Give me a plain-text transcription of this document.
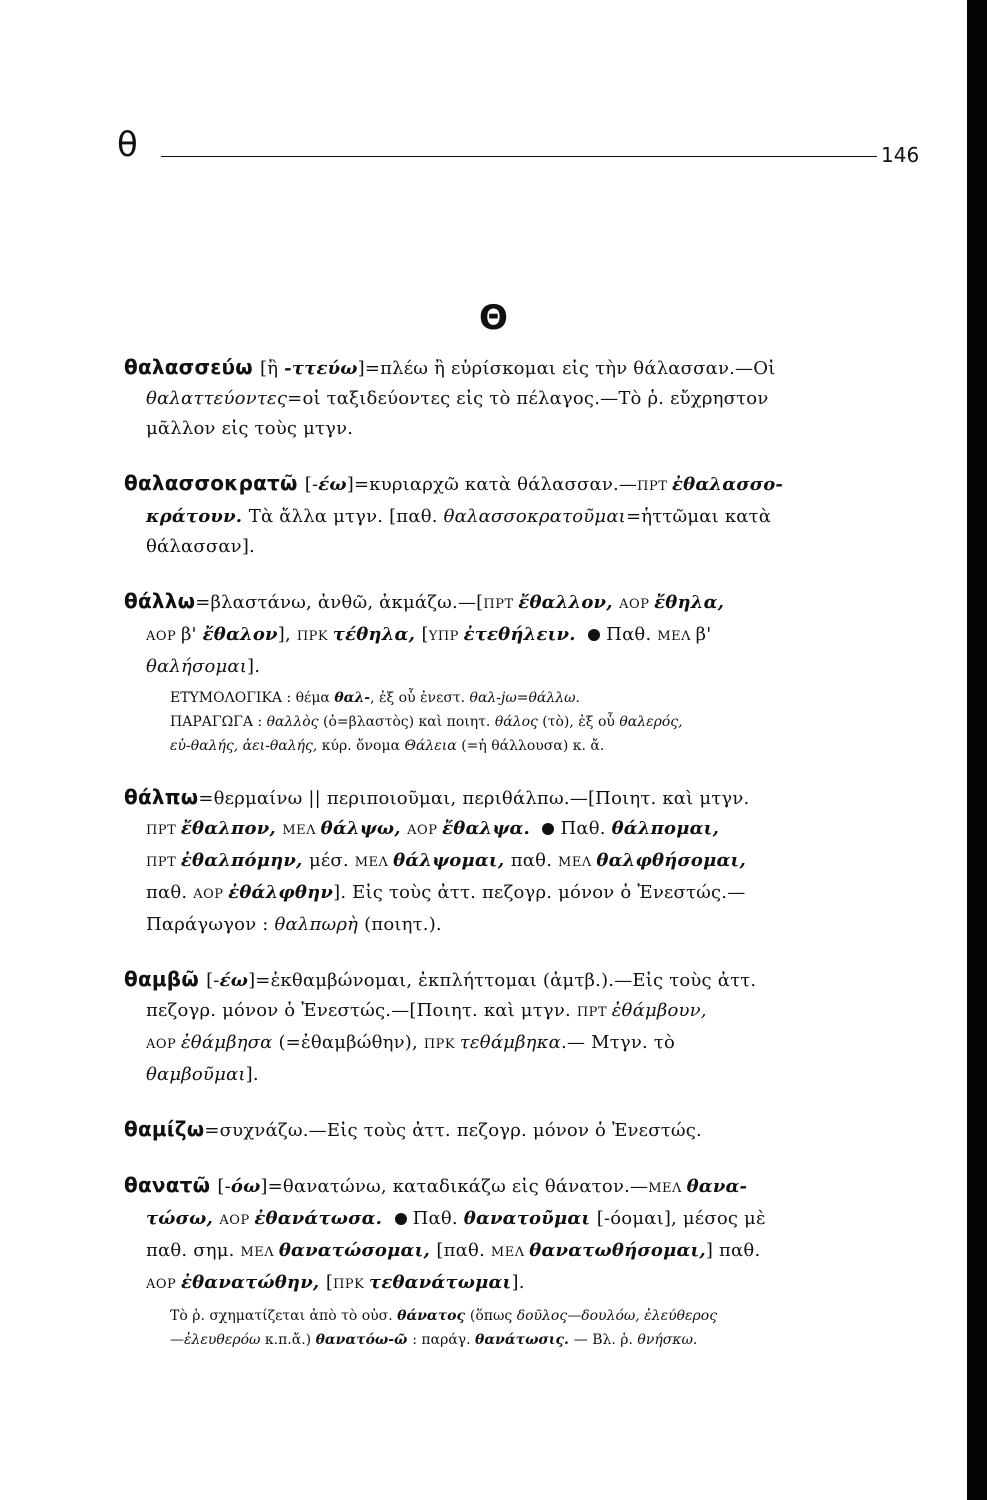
θ	146
Θ
θαλασσεύω [ἢ -ττεύω]=πλέω ἢ εὑρίσκομαι εἰς τὴν θάλασσαν.—Οἱ
θαλαττεύοντες=οἱ ταξιδεύοντες εἰς τὸ πέλαγος.—Τὸ ῥ. εὔχρηστον
μᾶλλον εἰς τοὺς μτγν.
θαλασσοκρατῶ [-έω]=κυριαρχῶ κατὰ θάλασσαν.—ΠΡΤ ἐθαλασσο-
κράτουν. Τὰ ἄλλα μτγν. [παθ. θαλασσοκρατοῦμαι=ἡττῶμαι κατὰ
θάλασσαν].
θάλλω=βλαστάνω, ἀνθῶ, ἀκμάζω.—[ΠΡΤ ἔθαλλον, ΑΟΡ ἔθηλα,
ΑΟΡ β' ἔθαλον], ΠΡΚ τέθηλα, [ΥΠΡ ἐτεθήλειν. Παθ. ΜΕΛ β'
θαλήσομαι].
ΕΤΥΜΟΛΟΓΙΚΑ : θέμα θαλ-, ἐξ οὗ ἐνεστ. θαλ-jω=θάλλω.
ΠΑΡΑΓΩΓΑ : θαλλὸς (ὁ=βλαστὸς) καὶ ποιητ. θάλος (τὸ), ἐξ οὗ θαλερός,
εὐ-θαλής, ἀει-θαλής, κύρ. ὄνομα Θάλεια (=ἡ θάλλουσα) κ. ἄ.
θάλπω=θερμαίνω || περιποιοῦμαι, περιθάλπω.—[Ποιητ. καὶ μτγν.
ΠΡΤ ἔθαλπον, ΜΕΛ θάλψω, ΑΟΡ ἔθαλψα. Παθ. θάλπομαι,
ΠΡΤ ἐθαλπόμην, μέσ. ΜΕΛ θάλψομαι, παθ. ΜΕΛ θαλφθήσομαι,
παθ. ΑΟΡ ἐθάλφθην]. Εἰς τοὺς ἀττ. πεζογρ. μόνον ὁ Ἐνεστώς.—
Παράγωγον : θαλπωρὴ (ποιητ.).
θαμβῶ [-έω]=ἐκθαμβώνομαι, ἐκπλήττομαι (ἀμτβ.).—Εἰς τοὺς ἀττ.
πεζογρ. μόνον ὁ Ἐνεστώς.—[Ποιητ. καὶ μτγν. ΠΡΤ ἐθάμβουν,
ΑΟΡ ἐθάμβησα (=ἐθαμβώθην), ΠΡΚ τεθάμβηκα.— Μτγν. τὸ
θαμβοῦμαι].
θαμίζω=συχνάζω.—Εἰς τοὺς ἀττ. πεζογρ. μόνον ὁ Ἐνεστώς.
θανατῶ [-όω]=θανατώνω, καταδικάζω εἰς θάνατον.—ΜΕΛ θανα-
τώσω, ΑΟΡ ἐθανάτωσα. Παθ. θανατοῦμαι [-όομαι], μέσος μὲ
παθ. σημ. ΜΕΛ θανατώσομαι, [παθ. ΜΕΛ θανατωθήσομαι,] παθ.
ΑΟΡ ἐθανατώθην, [ΠΡΚ τεθανάτωμαι].
Τὸ ῥ. σχηματίζεται ἀπὸ τὸ οὐσ. θάνατος (ὅπως δοῦλος—δουλόω, ἐλεύθερος
—ἐλευθερόω κ.π.ἄ.) θανατόω-ῶ : παράγ. θανάτωσις. — Βλ. ῥ. θνήσκω.
